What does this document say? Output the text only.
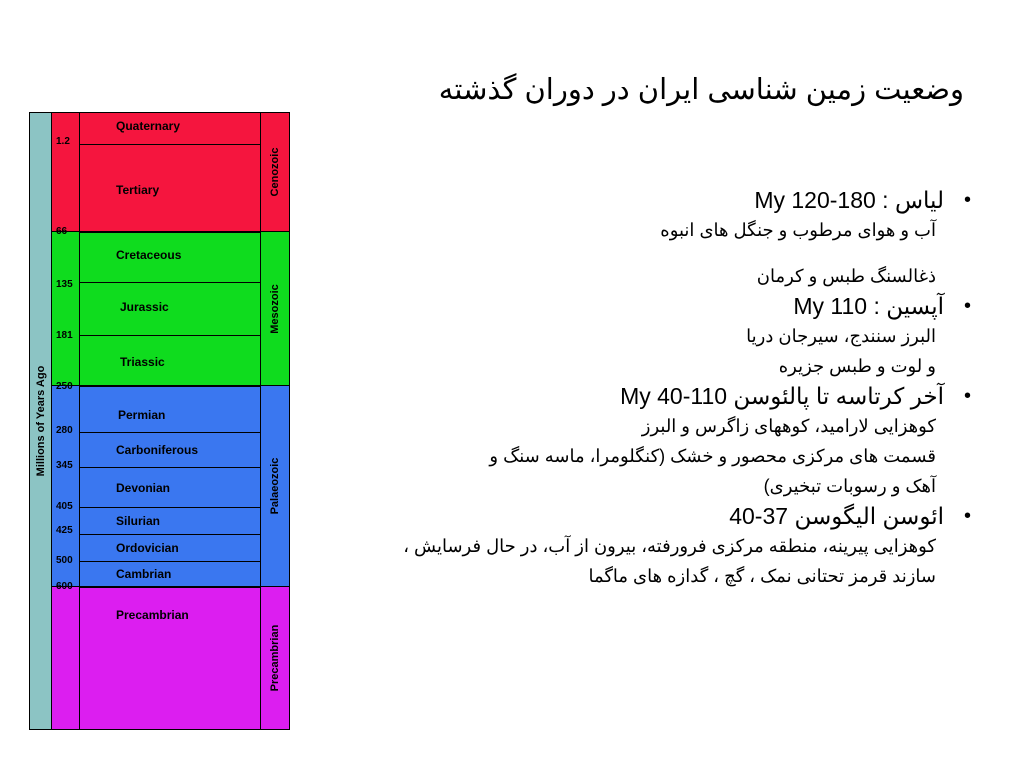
وضعیت زمین شناسی ایران در دوران گذشته
Millions of Years Ago
1.2
66
135
181
250
280
345
405
425
500
600
Quaternary
Tertiary
Cretaceous
Jurassic
Triassic
Permian
Carboniferous
Devonian
Silurian
Ordovician
Cambrian
Precambrian
Cenozoic
Mesozoic
Palaeozoic
Precambrian
•
لیاس : My 120-180
آب و هوای مرطوب و جنگل های انبوه
ذغالسنگ طبس و کرمان
•
آپسین : My 110
البرز سنندج، سیرجان دریا
و لوت و طبس جزیره
•
آخر کرتاسه تا پالئوسن My 40-110
کوهزایی لارامید، کوههای زاگرس و البرز
قسمت های مرکزی محصور و خشک (کنگلومرا، ماسه سنگ و
آهک و رسوبات تبخیری)
•
ائوسن الیگوسن 37-40
کوهزایی پیرینه، منطقه مرکزی فرورفته، بیرون از آب، در حال فرسایش ،
سازند قرمز تحتانی نمک ، گچ ، گدازه های ماگما
